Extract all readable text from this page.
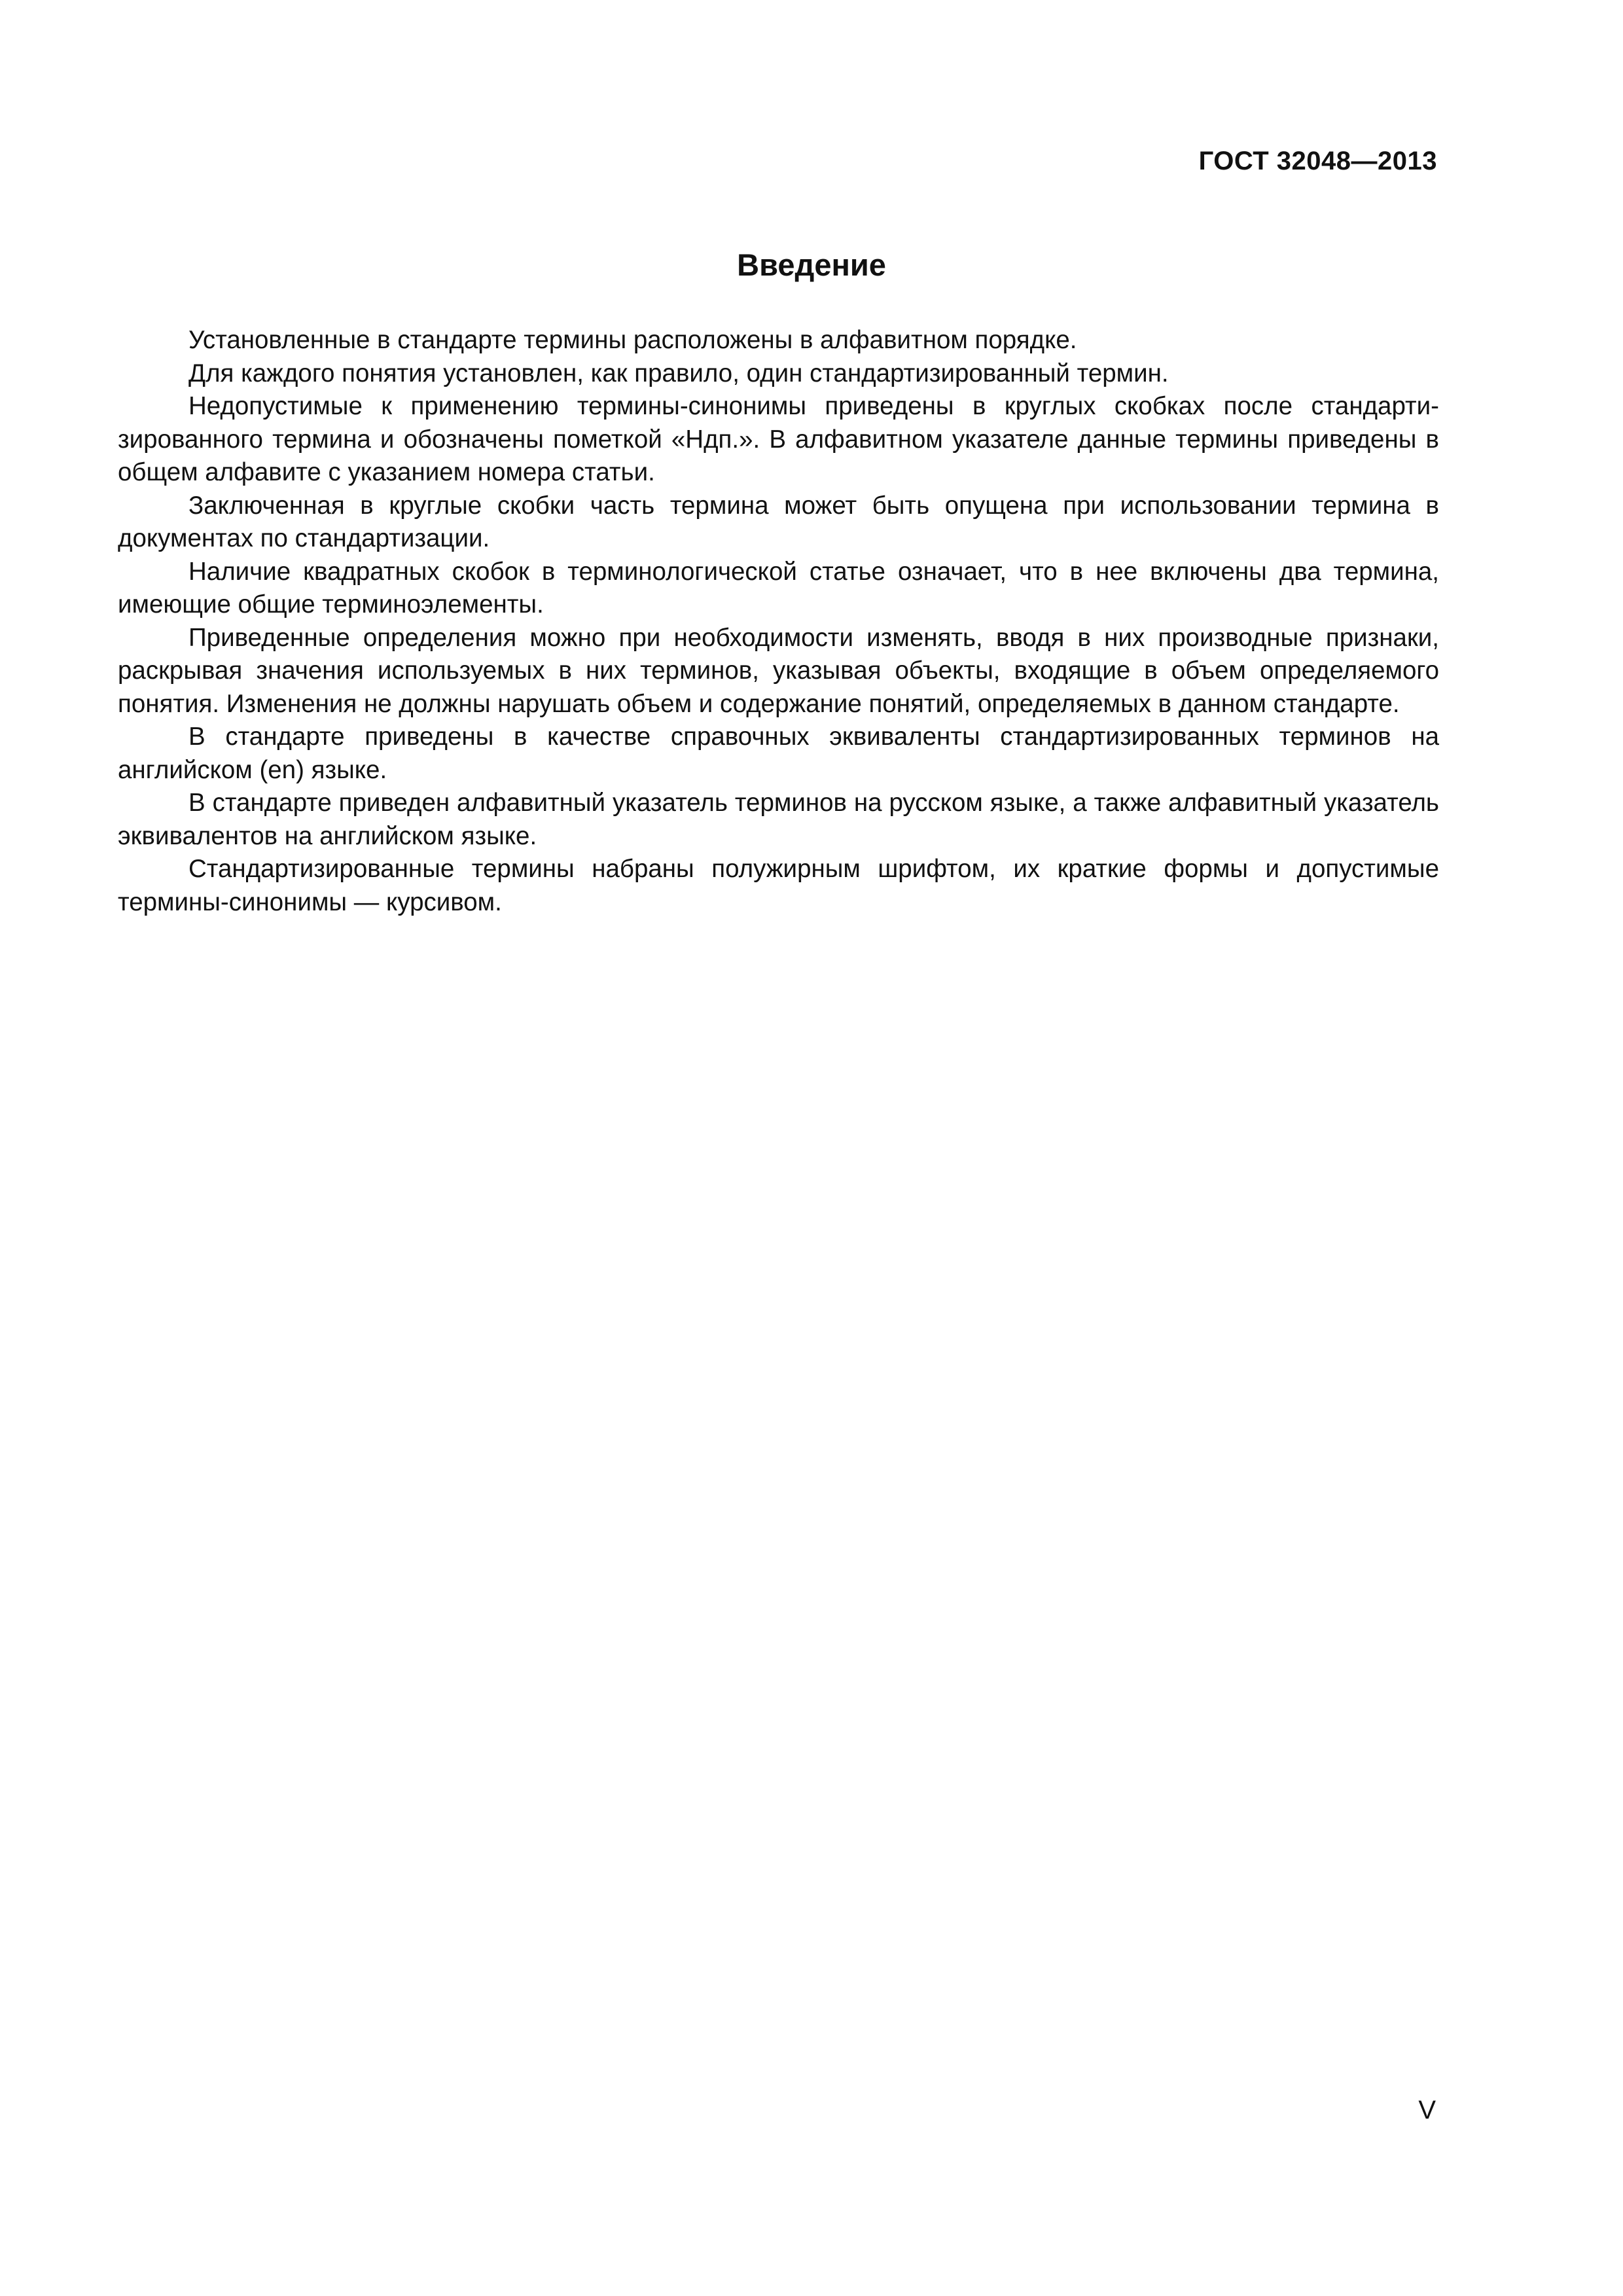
ГОСТ 32048—2013
Введение

Установленные в стандарте термины расположены в алфавитном порядке.

Для каждого понятия установлен, как правило, один стандартизированный термин.

Недопустимые к применению термины-синонимы приведены в круглых скобках после стандартизированного термина и обозначены пометкой «Ндп.». В алфавитном указателе данные термины приведены в общем алфавите с указанием номера статьи.

Заключенная в круглые скобки часть термина может быть опущена при использовании термина в документах по стандартизации.

Наличие квадратных скобок в терминологической статье означает, что в нее включены два термина, имеющие общие терминоэлементы.

Приведенные определения можно при необходимости изменять, вводя в них производные признаки, раскрывая значения используемых в них терминов, указывая объекты, входящие в объем определяемого понятия. Изменения не должны нарушать объем и содержание понятий, определяемых в данном стандарте.

В стандарте приведены в качестве справочных эквиваленты стандартизированных терминов на английском (en) языке.

В стандарте приведен алфавитный указатель терминов на русском языке, а также алфавитный указатель эквивалентов на английском языке.

Стандартизированные термины набраны полужирным шрифтом, их краткие формы и допустимые термины-синонимы — курсивом.

V
